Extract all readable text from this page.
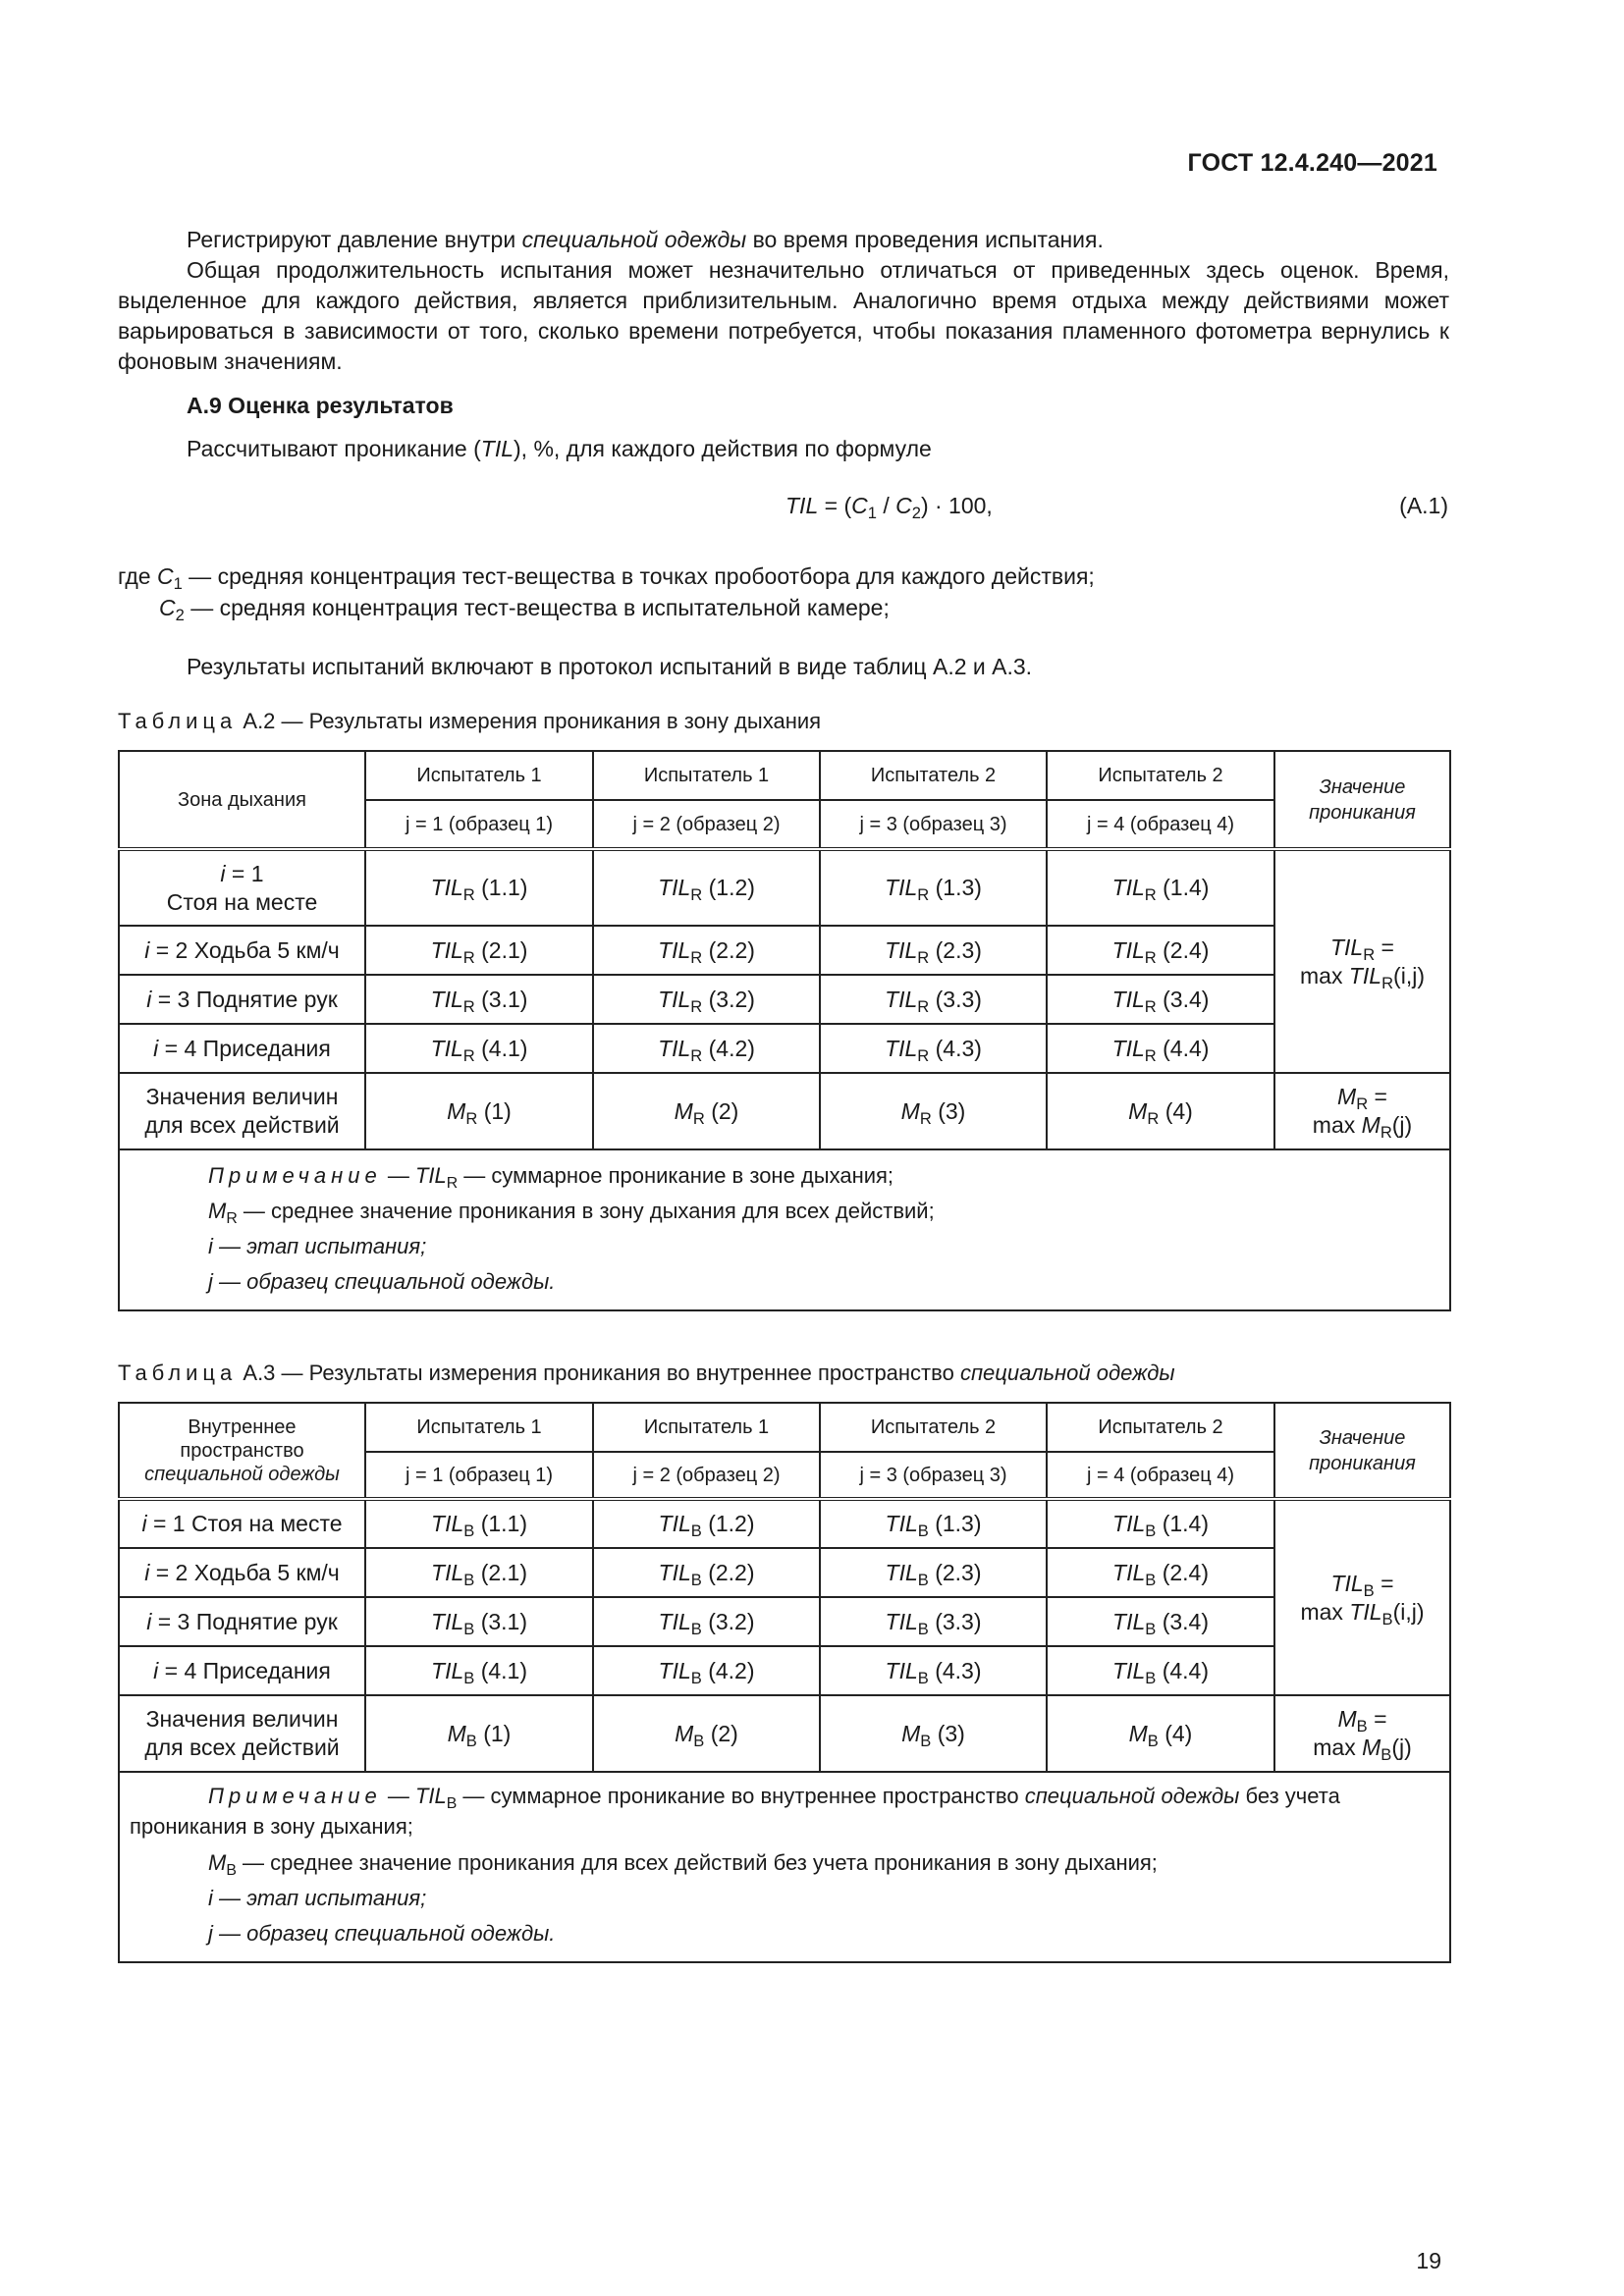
ГОСТ 12.4.240—2021

Регистрируют давление внутри специальной одежды во время проведения испытания.

Общая продолжительность испытания может незначительно отличаться от приведенных здесь оценок. Время, выделенное для каждого действия, является приблизительным. Аналогично время отдыха между действиями может варьироваться в зависимости от того, сколько времени потребуется, чтобы показания пламенного фотометра вернулись к фоновым значениям.

А.9 Оценка результатов

Рассчитывают проникание (TIL), %, для каждого действия по формуле

TIL = $(C_1 / C_2) \cdot 100$,	(А.1)
где $C_1$ — средняя концентрация тест-вещества в точках пробоотбора для каждого действия;
$C_2$ — средняя концентрация тест-вещества в испытательной камере;

Результаты испытаний включают в протокол испытаний в виде таблиц А.2 и А.3.

Таблица А.2 — Результаты измерения проникания в зону дыхания
Зона дыхания	Испытатель 1	Испытатель 1	Испытатель 2	Испытатель 2	Значение проникания
	j = 1 (образец 1)	j = 2 (образец 2)	j = 3 (образец 3)	j = 4 (образец 4)	
i = 1
Стоя на месте	$TIL_R$ (1.1)	$TIL_R$ (1.2)	$TIL_R$ (1.3)	$TIL_R$ (1.4)	$TIL_R$ =
$\max TIL_R(i,j)$
i = 2 Ходьба 5 км/ч	$TIL_R$ (2.1)	$TIL_R$ (2.2)	$TIL_R$ (2.3)	$TIL_R$ (2.4)	
i = 3 Поднятие рук	$TIL_R$ (3.1)	$TIL_R$ (3.2)	$TIL_R$ (3.3)	$TIL_R$ (3.4)	
i = 4 Приседания	$TIL_R$ (4.1)	$TIL_R$ (4.2)	$TIL_R$ (4.3)	$TIL_R$ (4.4)	
Значения величин
для всех действий	$M_R$ (1)	$M_R$ (2)	$M_R$ (3)	$M_R$ (4)	$M_R$ =
$\max M_R(j)$

Примечание — $TIL_R$ — суммарное проникание в зоне дыхания;
$M_R$ — среднее значение проникания в зону дыхания для всех действий;
i — этап испытания;
j — образец специальной одежды.					
Таблица А.3 — Результаты измерения проникания во внутреннее пространство специальной одежды
Внутреннее пространство
специальной одежды	Испытатель 1	Испытатель 1	Испытатель 2	Испытатель 2	Значение проникания
	j = 1 (образец 1)	j = 2 (образец 2)	j = 3 (образец 3)	j = 4 (образец 4)	
i = 1 Стоя на месте	$TIL_B$ (1.1)	$TIL_B$ (1.2)	$TIL_B$ (1.3)	$TIL_B$ (1.4)	$TIL_B$ =
$\max TIL_B(i,j)$
i = 2 Ходьба 5 км/ч	$TIL_B$ (2.1)	$TIL_B$ (2.2)	$TIL_B$ (2.3)	$TIL_B$ (2.4)	
i = 3 Поднятие рук	$TIL_B$ (3.1)	$TIL_B$ (3.2)	$TIL_B$ (3.3)	$TIL_B$ (3.4)	
i = 4 Приседания	$TIL_B$ (4.1)	$TIL_B$ (4.2)	$TIL_B$ (4.3)	$TIL_B$ (4.4)	
Значения величин
для всех действий	$M_B$ (1)	$M_B$ (2)	$M_B$ (3)	$M_B$ (4)	$M_B$ =
$\max M_B(j)$

Примечание — $TIL_B$ — суммарное проникание во внутреннее пространство специальной одежды без учета проникания в зону дыхания;
$M_B$ — среднее значение проникания для всех действий без учета проникания в зону дыхания;
i — этап испытания;
j — образец специальной одежды.					
19
